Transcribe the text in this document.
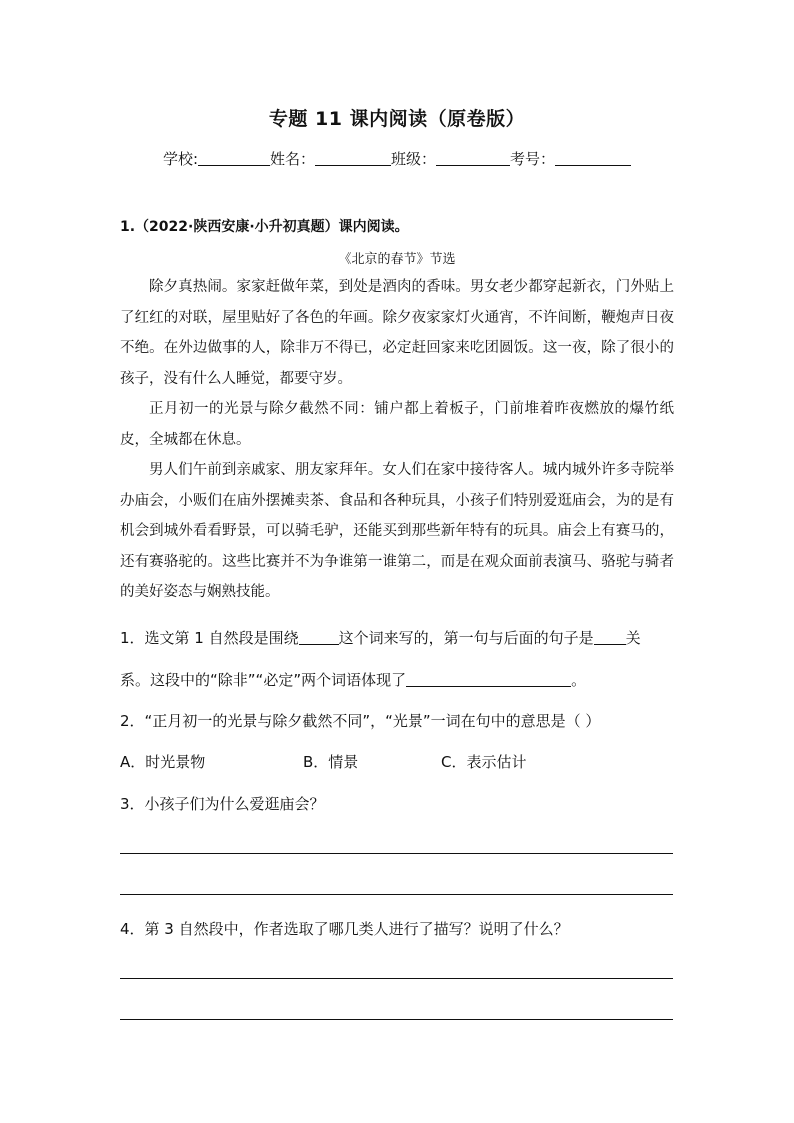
专题 11 课内阅读（原卷版）
学校:	姓名：	班级：	考号：
1.（2022·陕西安康·小升初真题）课内阅读。
《北京的春节》节选

除夕真热闹。家家赶做年菜，到处是酒肉的香味。男女老少都穿起新衣，门外贴上了红红的对联，屋里贴好了各色的年画。除夕夜家家灯火通宵，不许间断，鞭炮声日夜不绝。在外边做事的人，除非万不得已，必定赶回家来吃团圆饭。这一夜，除了很小的孩子，没有什么人睡觉，都要守岁。

正月初一的光景与除夕截然不同：铺户都上着板子，门前堆着昨夜燃放的爆竹纸皮，全城都在休息。

男人们午前到亲戚家、朋友家拜年。女人们在家中接待客人。城内城外许多寺院举办庙会，小贩们在庙外摆摊卖茶、食品和各种玩具，小孩子们特别爱逛庙会，为的是有机会到城外看看野景，可以骑毛驴，还能买到那些新年特有的玩具。庙会上有赛马的，还有赛骆驼的。这些比赛并不为争谁第一谁第二，而是在观众面前表演马、骆驼与骑者的美好姿态与娴熟技能。

1．选文第 1 自然段是围绕	这个词来写的，第一句与后面的句子是 关
系。这段中的“除非”“必定”两个词语体现了	。
2．“正月初一的光景与除夕截然不同”，“光景”一词在句中的意思是（ ）
A．时光景物	B．情景	C．表示估计
3．小孩子们为什么爱逛庙会？
4．第 3 自然段中，作者选取了哪几类人进行了描写？说明了什么？
